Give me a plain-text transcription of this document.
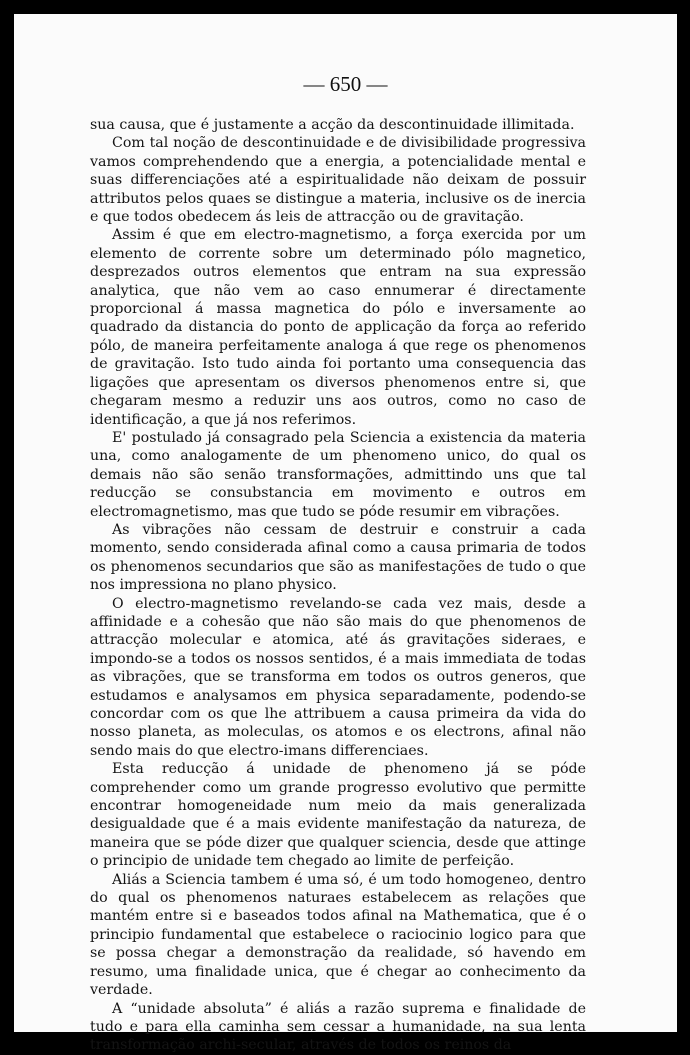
— 650 —

sua causa, que é justamente a acção da descontinuidade illimitada.

Com tal noção de descontinuidade e de divisibilidade progressiva vamos comprehendendo que a energia, a potencialidade mental e suas differenciações até a espiritualidade não deixam de possuir attributos pelos quaes se distingue a materia, inclusive os de inercia e que todos obedecem ás leis de attracção ou de gravitação.

Assim é que em electro-magnetismo, a força exercida por um elemento de corrente sobre um determinado pólo magnetico, desprezados outros elementos que entram na sua expressão analytica, que não vem ao caso ennumerar é directamente proporcional á massa magnetica do pólo e inversamente ao quadrado da distancia do ponto de applicação da força ao referido pólo, de maneira perfeitamente analoga á que rege os phenomenos de gravitação. Isto tudo ainda foi portanto uma consequencia das ligações que apresentam os diversos phenomenos entre si, que chegaram mesmo a reduzir uns aos outros, como no caso de identificação, a que já nos referimos.

E' postulado já consagrado pela Sciencia a existencia da materia una, como analogamente de um phenomeno unico, do qual os demais não são senão transformações, admittindo uns que tal reducção se consubstancia em movimento e outros em electromagnetismo, mas que tudo se póde resumir em vibrações.

As vibrações não cessam de destruir e construir a cada momento, sendo considerada afinal como a causa primaria de todos os phenomenos secundarios que são as manifestações de tudo o que nos impressiona no plano physico.

O electro-magnetismo revelando-se cada vez mais, desde a affinidade e a cohesão que não são mais do que phenomenos de attracção molecular e atomica, até ás gravitações sideraes, e impondo-se a todos os nossos sentidos, é a mais immediata de todas as vibrações, que se transforma em todos os outros generos, que estudamos e analysamos em physica separadamente, podendo-se concordar com os que lhe attribuem a causa primeira da vida do nosso planeta, as moleculas, os atomos e os electrons, afinal não sendo mais do que electro-imans differenciaes.

Esta reducção á unidade de phenomeno já se póde comprehender como um grande progresso evolutivo que permitte encontrar homogeneidade num meio da mais generalizada desigualdade que é a mais evidente manifestação da natureza, de maneira que se póde dizer que qualquer sciencia, desde que attinge o principio de unidade tem chegado ao limite de perfeição.

Aliás a Sciencia tambem é uma só, é um todo homogeneo, dentro do qual os phenomenos naturaes estabelecem as relações que mantém entre si e baseados todos afinal na Mathematica, que é o principio fundamental que estabelece o raciocinio logico para que se possa chegar a demonstração da realidade, só havendo em resumo, uma finalidade unica, que é chegar ao conhecimento da verdade.

A “unidade absoluta” é aliás a razão suprema e finalidade de tudo e para ella caminha sem cessar a humanidade, na sua lenta transformação archi-secular, através de todos os reinos da
